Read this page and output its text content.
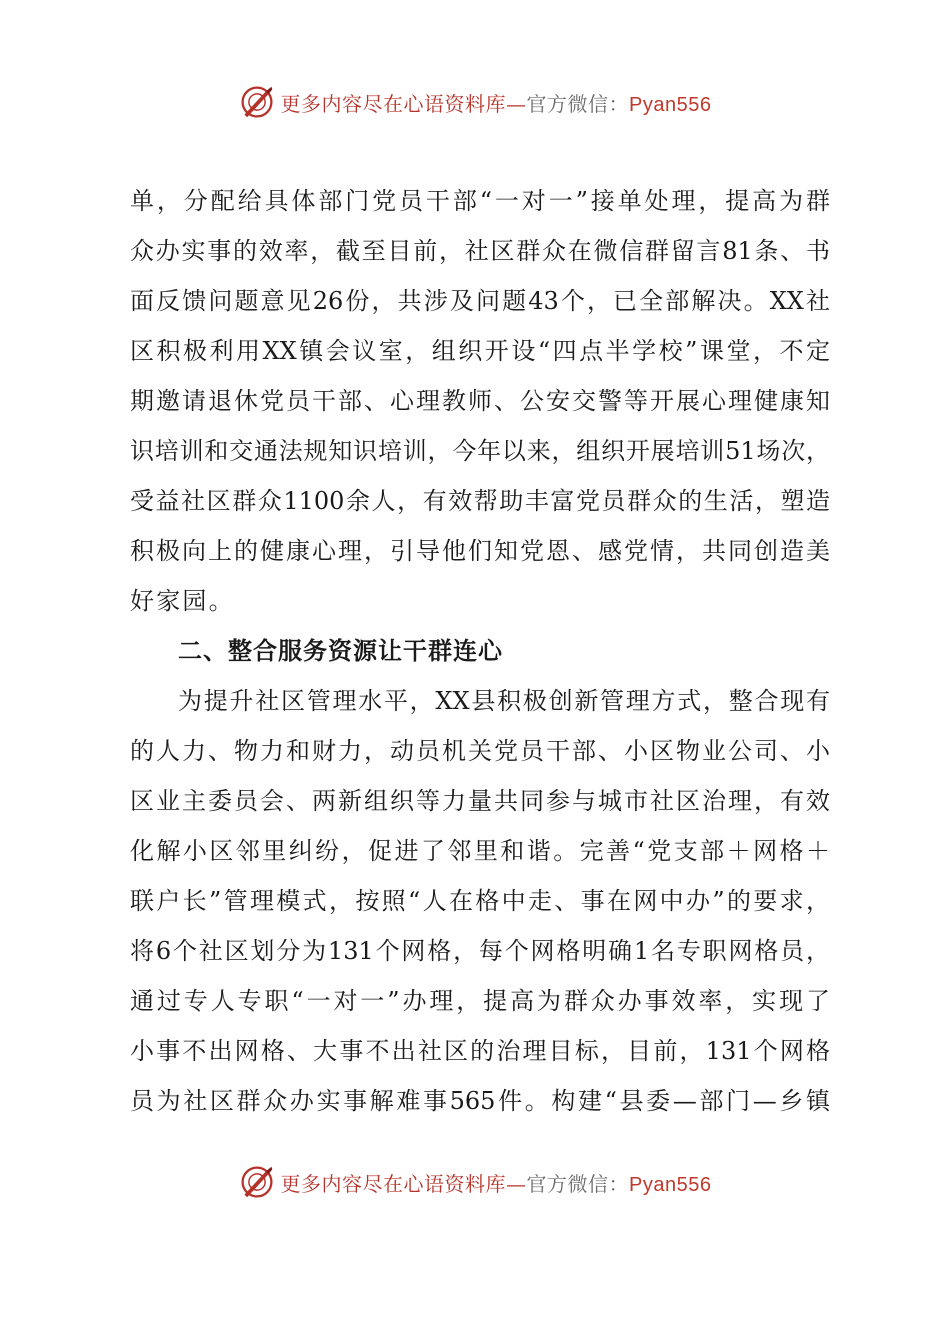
更多内容尽在心语资料库—官方微信：Pyan556
单，分配给具体部门党员干部“一对一”接单处理，提高为群
众办实事的效率，截至目前，社区群众在微信群留言81条、书
面反馈问题意见26份，共涉及问题43个，已全部解决。XX社
区积极利用XX镇会议室，组织开设“四点半学校”课堂，不定
期邀请退休党员干部、心理教师、公安交警等开展心理健康知
识培训和交通法规知识培训，今年以来，组织开展培训51场次，
受益社区群众1100余人，有效帮助丰富党员群众的生活，塑造
积极向上的健康心理，引导他们知党恩、感党情，共同创造美
好家园。
二、整合服务资源让干群连心
为提升社区管理水平，XX县积极创新管理方式，整合现有
的人力、物力和财力，动员机关党员干部、小区物业公司、小
区业主委员会、两新组织等力量共同参与城市社区治理，有效
化解小区邻里纠纷，促进了邻里和谐。完善“党支部＋网格＋
联户长”管理模式，按照“人在格中走、事在网中办”的要求，
将6个社区划分为131个网格，每个网格明确1名专职网格员，
通过专人专职“一对一”办理，提高为群众办事效率，实现了
小事不出网格、大事不出社区的治理目标，目前，131个网格
员为社区群众办实事解难事565件。构建“县委—部门—乡镇
更多内容尽在心语资料库—官方微信：Pyan556
